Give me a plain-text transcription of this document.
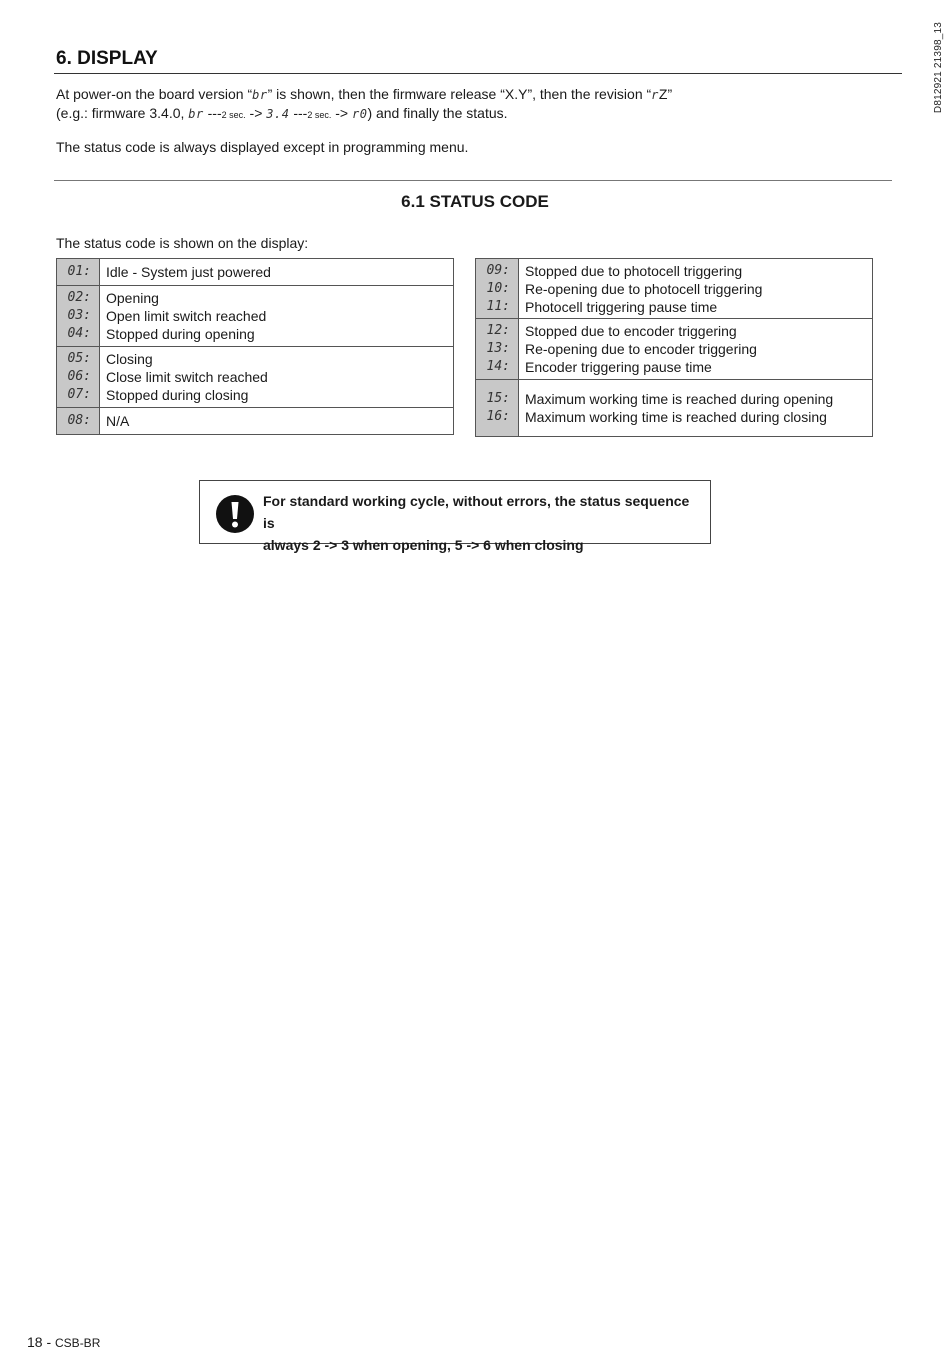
D812921 21398_13
6. DISPLAY

At power-on the board version “br” is shown, then the firmware release “X.Y”, then the revision “rZ”
(e.g.: firmware 3.4.0, br ---2 sec. -> 3.4 ---2 sec. -> r0) and finally the status.

The status code is always displayed except in programming menu.

6.1 STATUS CODE

The status code is shown on the display:

01:	Idle - System just powered

02:
03:
04:	Opening
Open limit switch reached
Stopped during opening

05:
06:
07:	Closing
Close limit switch reached
Stopped during closing

08:	N/A
09:
10:
11:	Stopped due to photocell triggering
Re-opening due to photocell triggering
Photocell triggering pause time

12:
13:
14:	Stopped due to encoder triggering
Re-opening due to encoder triggering
Encoder triggering pause time

15:
16:	Maximum working time is reached during opening
Maximum working time is reached during closing

For standard working cycle, without errors, the status sequence is
always 2 -> 3 when opening, 5 -> 6 when closing

18 - CSB-BR
